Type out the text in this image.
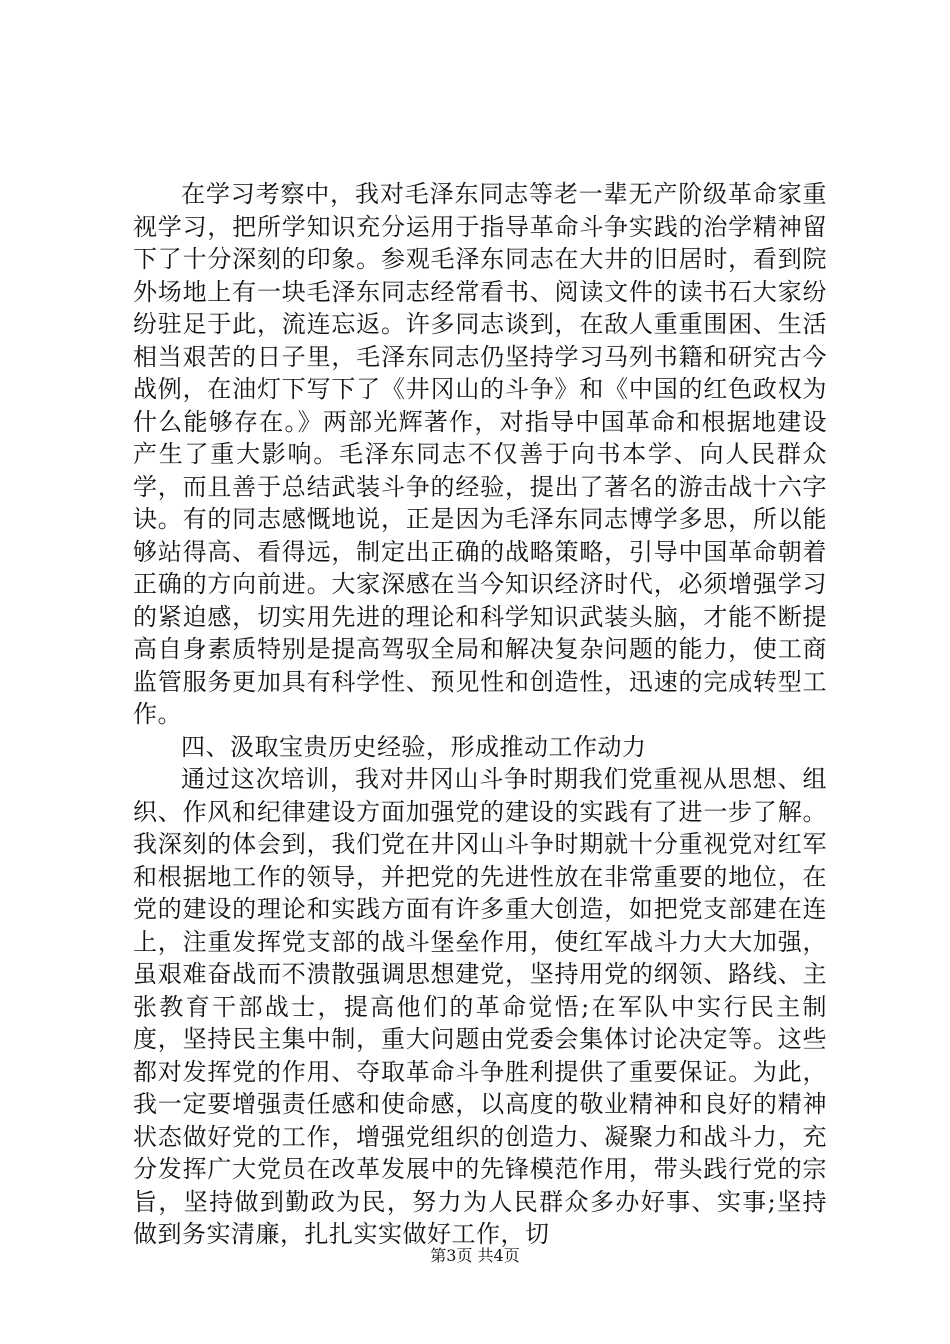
在学习考察中，我对毛泽东同志等老一辈无产阶级革命家重视学习，把所学知识充分运用于指导革命斗争实践的治学精神留下了十分深刻的印象。参观毛泽东同志在大井的旧居时，看到院外场地上有一块毛泽东同志经常看书、阅读文件的读书石大家纷纷驻足于此，流连忘返。许多同志谈到，在敌人重重围困、生活相当艰苦的日子里，毛泽东同志仍坚持学习马列书籍和研究古今战例，在油灯下写下了《井冈山的斗争》和《中国的红色政权为什么能够存在。》两部光辉著作，对指导中国革命和根据地建设产生了重大影响。毛泽东同志不仅善于向书本学、向人民群众学，而且善于总结武装斗争的经验，提出了著名的游击战十六字诀。有的同志感慨地说，正是因为毛泽东同志博学多思，所以能够站得高、看得远，制定出正确的战略策略，引导中国革命朝着正确的方向前进。大家深感在当今知识经济时代，必须增强学习的紧迫感，切实用先进的理论和科学知识武装头脑，才能不断提高自身素质特别是提高驾驭全局和解决复杂问题的能力，使工商监管服务更加具有科学性、预见性和创造性，迅速的完成转型工作。

四、汲取宝贵历史经验，形成推动工作动力

通过这次培训，我对井冈山斗争时期我们党重视从思想、组织、作风和纪律建设方面加强党的建设的实践有了进一步了解。我深刻的体会到，我们党在井冈山斗争时期就十分重视党对红军和根据地工作的领导，并把党的先进性放在非常重要的地位，在党的建设的理论和实践方面有许多重大创造，如把党支部建在连上，注重发挥党支部的战斗堡垒作用，使红军战斗力大大加强，虽艰难奋战而不溃散强调思想建党，坚持用党的纲领、路线、主张教育干部战士，提高他们的革命觉悟;在军队中实行民主制度，坚持民主集中制，重大问题由党委会集体讨论决定等。这些都对发挥党的作用、夺取革命斗争胜利提供了重要保证。为此，我一定要增强责任感和使命感，以高度的敬业精神和良好的精神状态做好党的工作，增强党组织的创造力、凝聚力和战斗力，充分发挥广大党员在改革发展中的先锋模范作用，带头践行党的宗旨，坚持做到勤政为民，努力为人民群众多办好事、实事;坚持做到务实清廉，扎扎实实做好工作，切

第3页 共4页
